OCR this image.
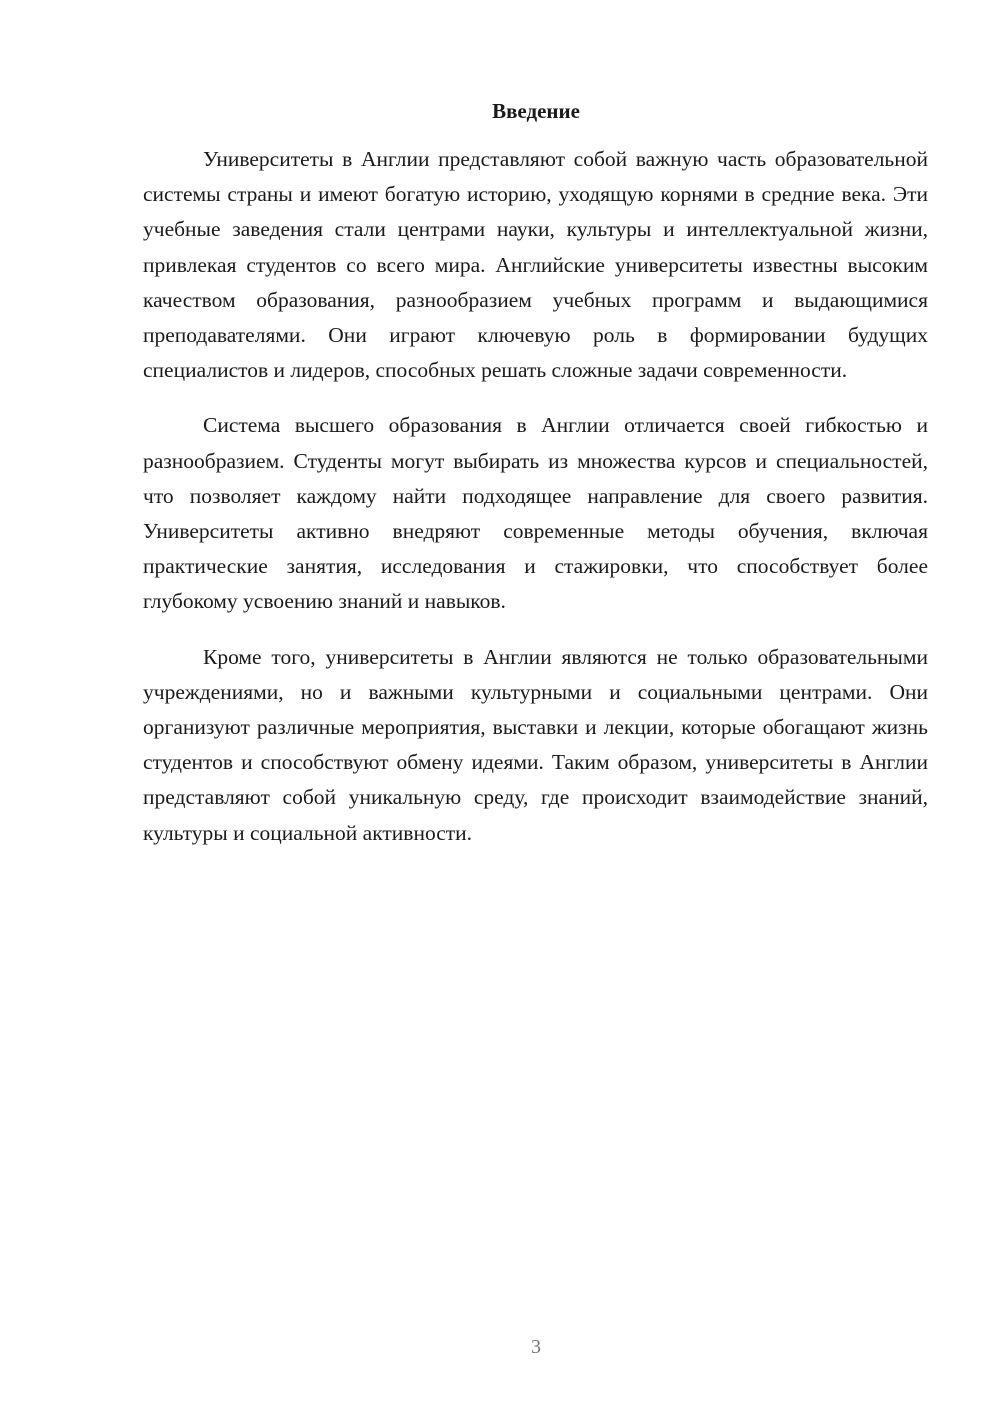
Введение

Университеты в Англии представляют собой важную часть образовательной системы страны и имеют богатую историю, уходящую корнями в средние века. Эти учебные заведения стали центрами науки, культуры и интеллектуальной жизни, привлекая студентов со всего мира. Английские университеты известны высоким качеством образования, разнообразием учебных программ и выдающимися преподавателями. Они играют ключевую роль в формировании будущих специалистов и лидеров, способных решать сложные задачи современности.

Система высшего образования в Англии отличается своей гибкостью и разнообразием. Студенты могут выбирать из множества курсов и специальностей, что позволяет каждому найти подходящее направление для своего развития. Университеты активно внедряют современные методы обучения, включая практические занятия, исследования и стажировки, что способствует более глубокому усвоению знаний и навыков.

Кроме того, университеты в Англии являются не только образовательными учреждениями, но и важными культурными и социальными центрами. Они организуют различные мероприятия, выставки и лекции, которые обогащают жизнь студентов и способствуют обмену идеями. Таким образом, университеты в Англии представляют собой уникальную среду, где происходит взаимодействие знаний, культуры и социальной активности.

3
